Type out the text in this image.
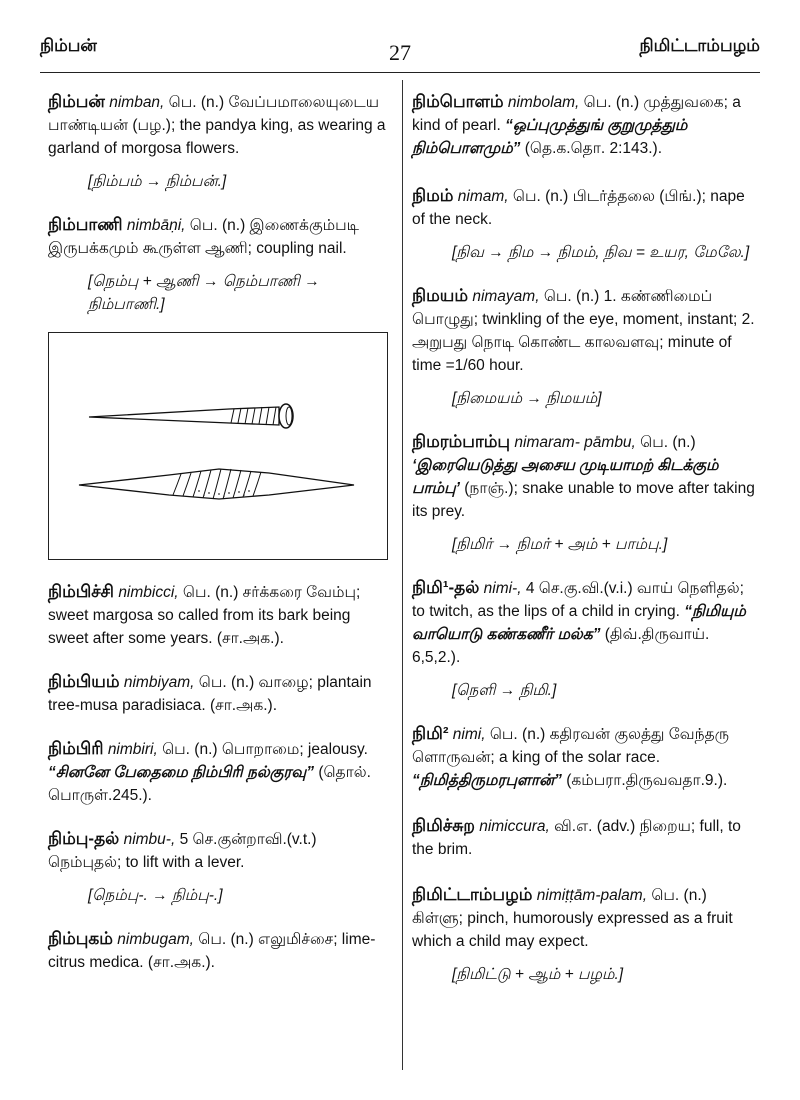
நிம்பன்	27	நிமிட்டாம்பழம்
நிம்பன் nimban, பெ. (n.) வேப்பமாலையுடைய பாண்டியன் (பழ.); the pandya king, as wearing a garland of morgosa flowers.
[நிம்பம் → நிம்பன்.]
நிம்பாணி nimbāṇi, பெ. (n.) இணைக்கும்படி இருபக்கமும் கூருள்ள ஆணி; coupling nail.
[நெம்பு + ஆணி → நெம்பாணி → நிம்பாணி.]
நிம்பிச்சி nimbicci, பெ. (n.) சர்க்கரை வேம்பு; sweet margosa so called from its bark being sweet after some years. (சா.அக.).
நிம்பியம் nimbiyam, பெ. (n.) வாழை; plantain tree-musa paradisiaca. (சா.அக.).
நிம்பிரி nimbiri, பெ. (n.) பொறாமை; jealousy. “சினனே பேதைமை நிம்பிரி நல்குரவு” (தொல். பொருள்.245.).
நிம்பு-தல் nimbu-, 5 செ.குன்றாவி.(v.t.) நெம்புதல்; to lift with a lever.
[நெம்பு-. → நிம்பு-.]
நிம்புகம் nimbugam, பெ. (n.) எலுமிச்சை; lime-citrus medica. (சா.அக.).
நிம்பொளம் nimbolam, பெ. (n.) முத்துவகை; a kind of pearl. “ஒப்புமுத்துங் குறுமுத்தும் நிம்பொளமும்” (தெ.க.தொ. 2:143.).
நிமம் nimam, பெ. (n.) பிடர்த்தலை (பிங்.); nape of the neck.
[நிவ → நிம → நிமம், நிவ = உயர, மேலே.]
நிமயம் nimayam, பெ. (n.) 1. கண்ணிமைப் பொழுது; twinkling of the eye, moment, instant; 2. அறுபது நொடி கொண்ட காலவளவு; minute of time =1/60 hour.
[நிமையம் → நிமயம்]
நிமரம்பாம்பு nimaram- pāmbu, பெ. (n.) ‘இரையெடுத்து அசைய முடியாமற் கிடக்கும் பாம்பு’ (நாஞ்.); snake unable to move after taking its prey.
[நிமிர் → நிமர் + அம் + பாம்பு.]
நிமி¹-தல் nimi-, 4 செ.கு.வி.(v.i.) வாய் நெளிதல்; to twitch, as the lips of a child in crying. “நிமியும் வாயொடு கண்கணீர் மல்க” (திவ்.திருவாய். 6,5,2.).
[நெளி → நிமி.]
நிமி² nimi, பெ. (n.) கதிரவன் குலத்து வேந்தரு ளொருவன்; a king of the solar race. “நிமித்திருமரபுளான்” (கம்பரா.திருவவதா.9.).
நிமிச்சுற nimiccura, வி.எ. (adv.) நிறைய; full, to the brim.
நிமிட்டாம்பழம் nimiṭṭām-palam, பெ. (n.) கிள்ளு; pinch, humorously expressed as a fruit which a child may expect.
[நிமிட்டு + ஆம் + பழம்.]
